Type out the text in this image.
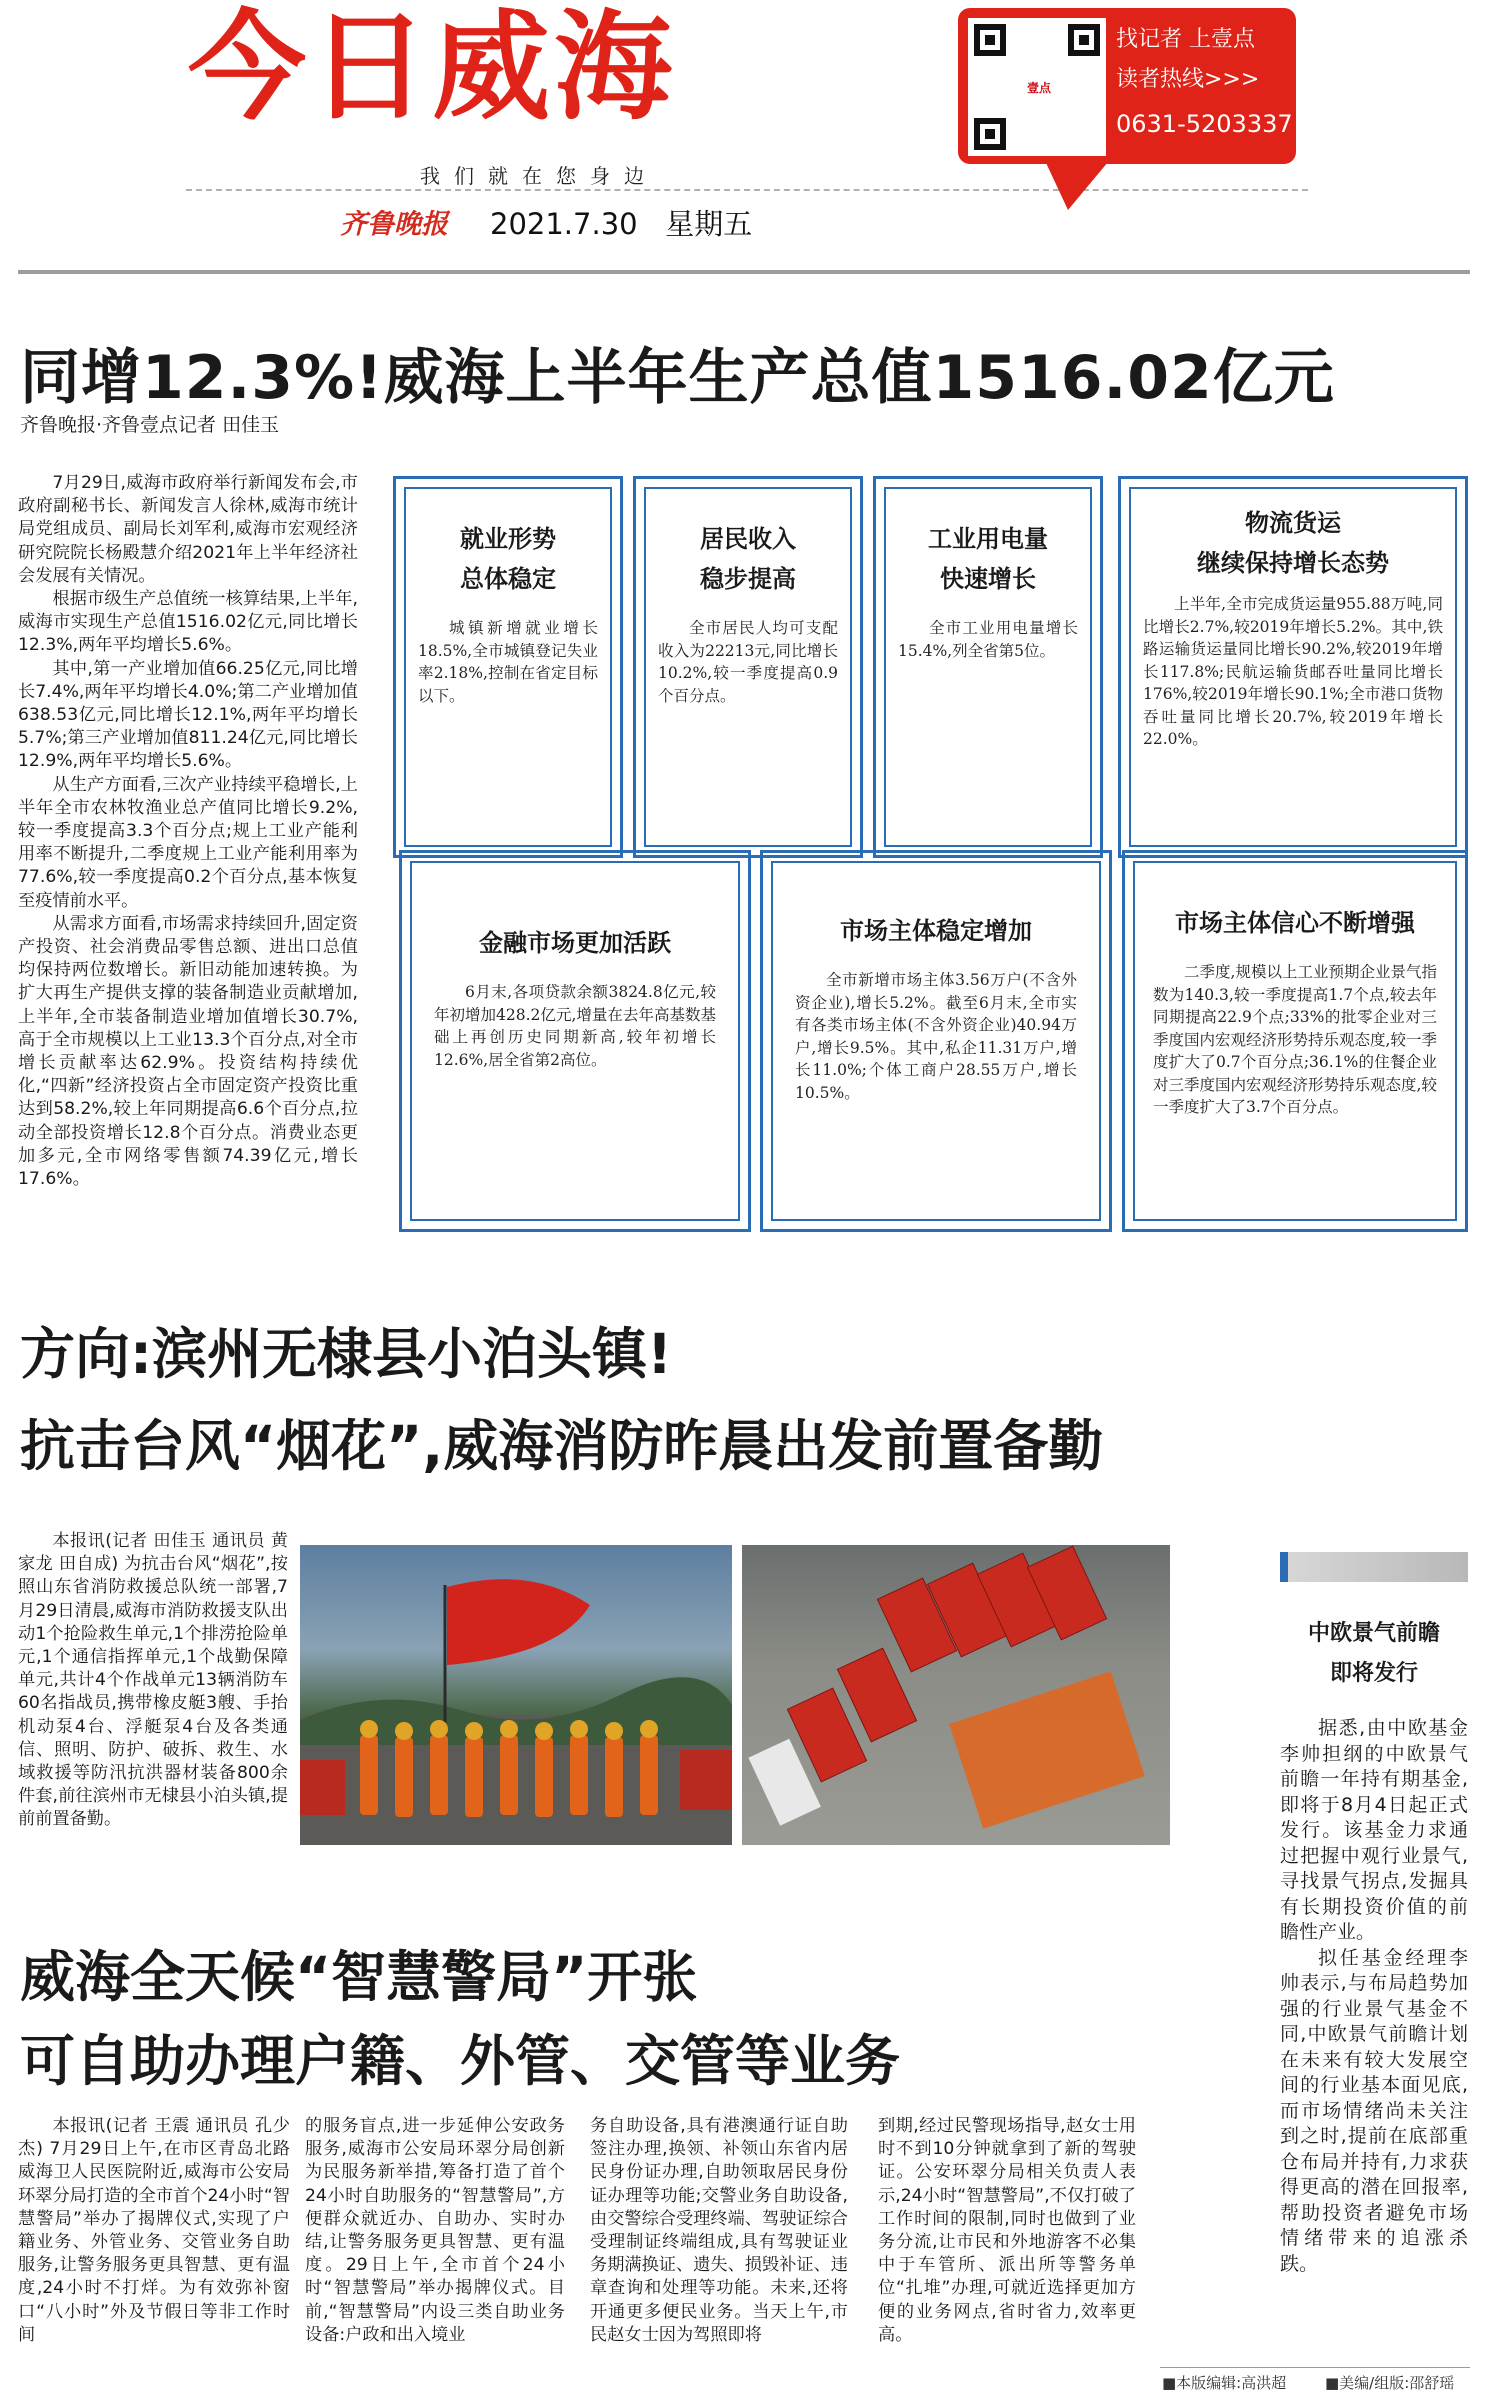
今日威海
我们就在您身边
齐鲁晚报 2021.7.30 星期五
壹点
找记者 上壹点
读者热线>>>
0631-5203337
同增12.3%!威海上半年生产总值1516.02亿元
齐鲁晚报·齐鲁壹点记者 田佳玉

7月29日,威海市政府举行新闻发布会,市政府副秘书长、新闻发言人徐林,威海市统计局党组成员、副局长刘军利,威海市宏观经济研究院院长杨殿慧介绍2021年上半年经济社会发展有关情况。

根据市级生产总值统一核算结果,上半年,威海市实现生产总值1516.02亿元,同比增长12.3%,两年平均增长5.6%。

其中,第一产业增加值66.25亿元,同比增长7.4%,两年平均增长4.0%;第二产业增加值638.53亿元,同比增长12.1%,两年平均增长5.7%;第三产业增加值811.24亿元,同比增长12.9%,两年平均增长5.6%。

从生产方面看,三次产业持续平稳增长,上半年全市农林牧渔业总产值同比增长9.2%,较一季度提高3.3个百分点;规上工业产能利用率不断提升,二季度规上工业产能利用率为77.6%,较一季度提高0.2个百分点,基本恢复至疫情前水平。

从需求方面看,市场需求持续回升,固定资产投资、社会消费品零售总额、进出口总值均保持两位数增长。新旧动能加速转换。为扩大再生产提供支撑的装备制造业贡献增加,上半年,全市装备制造业增加值增长30.7%,高于全市规模以上工业13.3个百分点,对全市增长贡献率达62.9%。投资结构持续优化,“四新”经济投资占全市固定资产投资比重达到58.2%,较上年同期提高6.6个百分点,拉动全部投资增长12.8个百分点。消费业态更加多元,全市网络零售额74.39亿元,增长17.6%。

就业形势
总体稳定
城镇新增就业增长18.5%,全市城镇登记失业率2.18%,控制在省定目标以下。
居民收入
稳步提高
全市居民人均可支配收入为22213元,同比增长10.2%,较一季度提高0.9个百分点。
工业用电量
快速增长
全市工业用电量增长15.4%,列全省第5位。
物流货运
继续保持增长态势
上半年,全市完成货运量955.88万吨,同比增长2.7%,较2019年增长5.2%。其中,铁路运输货运量同比增长90.2%,较2019年增长117.8%;民航运输货邮吞吐量同比增长176%,较2019年增长90.1%;全市港口货物吞吐量同比增长20.7%,较2019年增长22.0%。
金融市场更加活跃
6月末,各项贷款余额3824.8亿元,较年初增加428.2亿元,增量在去年高基数基础上再创历史同期新高,较年初增长12.6%,居全省第2高位。
市场主体稳定增加
全市新增市场主体3.56万户(不含外资企业),增长5.2%。截至6月末,全市实有各类市场主体(不含外资企业)40.94万户,增长9.5%。其中,私企11.31万户,增长11.0%;个体工商户28.55万户,增长10.5%。
市场主体信心不断增强
二季度,规模以上工业预期企业景气指数为140.3,较一季度提高1.7个点,较去年同期提高22.9个点;33%的批零企业对三季度国内宏观经济形势持乐观态度,较一季度扩大了0.7个百分点;36.1%的住餐企业对三季度国内宏观经济形势持乐观态度,较一季度扩大了3.7个百分点。
方向:滨州无棣县小泊头镇!
抗击台风“烟花”,威海消防昨晨出发前置备勤

本报讯(记者 田佳玉 通讯员 黄家龙 田自成) 为抗击台风“烟花”,按照山东省消防救援总队统一部署,7月29日清晨,威海市消防救援支队出动1个抢险救生单元,1个排涝抢险单元,1个通信指挥单元,1个战勤保障单元,共计4个作战单元13辆消防车60名指战员,携带橡皮艇3艘、手抬机动泵4台、浮艇泵4台及各类通信、照明、防护、破拆、救生、水域救援等防汛抗洪器材装备800余件套,前往滨州市无棣县小泊头镇,提前前置备勤。

威海全天候“智慧警局”开张
可自助办理户籍、外管、交管等业务

本报讯(记者 王震 通讯员 孔少杰) 7月29日上午,在市区青岛北路威海卫人民医院附近,威海市公安局环翠分局打造的全市首个24小时“智慧警局”举办了揭牌仪式,实现了户籍业务、外管业务、交管业务自助服务,让警务服务更具智慧、更有温度,24小时不打烊。为有效弥补窗口“八小时”外及节假日等非工作时间

的服务盲点,进一步延伸公安政务服务,威海市公安局环翠分局创新为民服务新举措,筹备打造了首个24小时自助服务的“智慧警局”,方便群众就近办、自助办、实时办结,让警务服务更具智慧、更有温度。29日上午,全市首个24小时“智慧警局”举办揭牌仪式。目前,“智慧警局”内设三类自助业务设备:户政和出入境业

务自助设备,具有港澳通行证自助签注办理,换领、补领山东省内居民身份证办理,自助领取居民身份证办理等功能;交警业务自助设备,由交警综合受理终端、驾驶证综合受理制证终端组成,具有驾驶证业务期满换证、遗失、损毁补证、违章查询和处理等功能。未来,还将开通更多便民业务。当天上午,市民赵女士因为驾照即将

到期,经过民警现场指导,赵女士用时不到10分钟就拿到了新的驾驶证。公安环翠分局相关负责人表示,24小时“智慧警局”,不仅打破了工作时间的限制,同时也做到了业务分流,让市民和外地游客不必集中于车管所、派出所等警务单位“扎堆”办理,可就近选择更加方便的业务网点,省时省力,效率更高。

中欧景气前瞻
即将发行

据悉,由中欧基金李帅担纲的中欧景气前瞻一年持有期基金,即将于8月4日起正式发行。该基金力求通过把握中观行业景气,寻找景气拐点,发掘具有长期投资价值的前瞻性产业。

拟任基金经理李帅表示,与布局趋势加强的行业景气基金不同,中欧景气前瞻计划在未来有较大发展空间的行业基本面见底,而市场情绪尚未关注到之时,提前在底部重仓布局并持有,力求获得更高的潜在回报率,帮助投资者避免市场情绪带来的追涨杀跌。

■本版编辑:高洪超	■美编/组版:邵舒瑶
